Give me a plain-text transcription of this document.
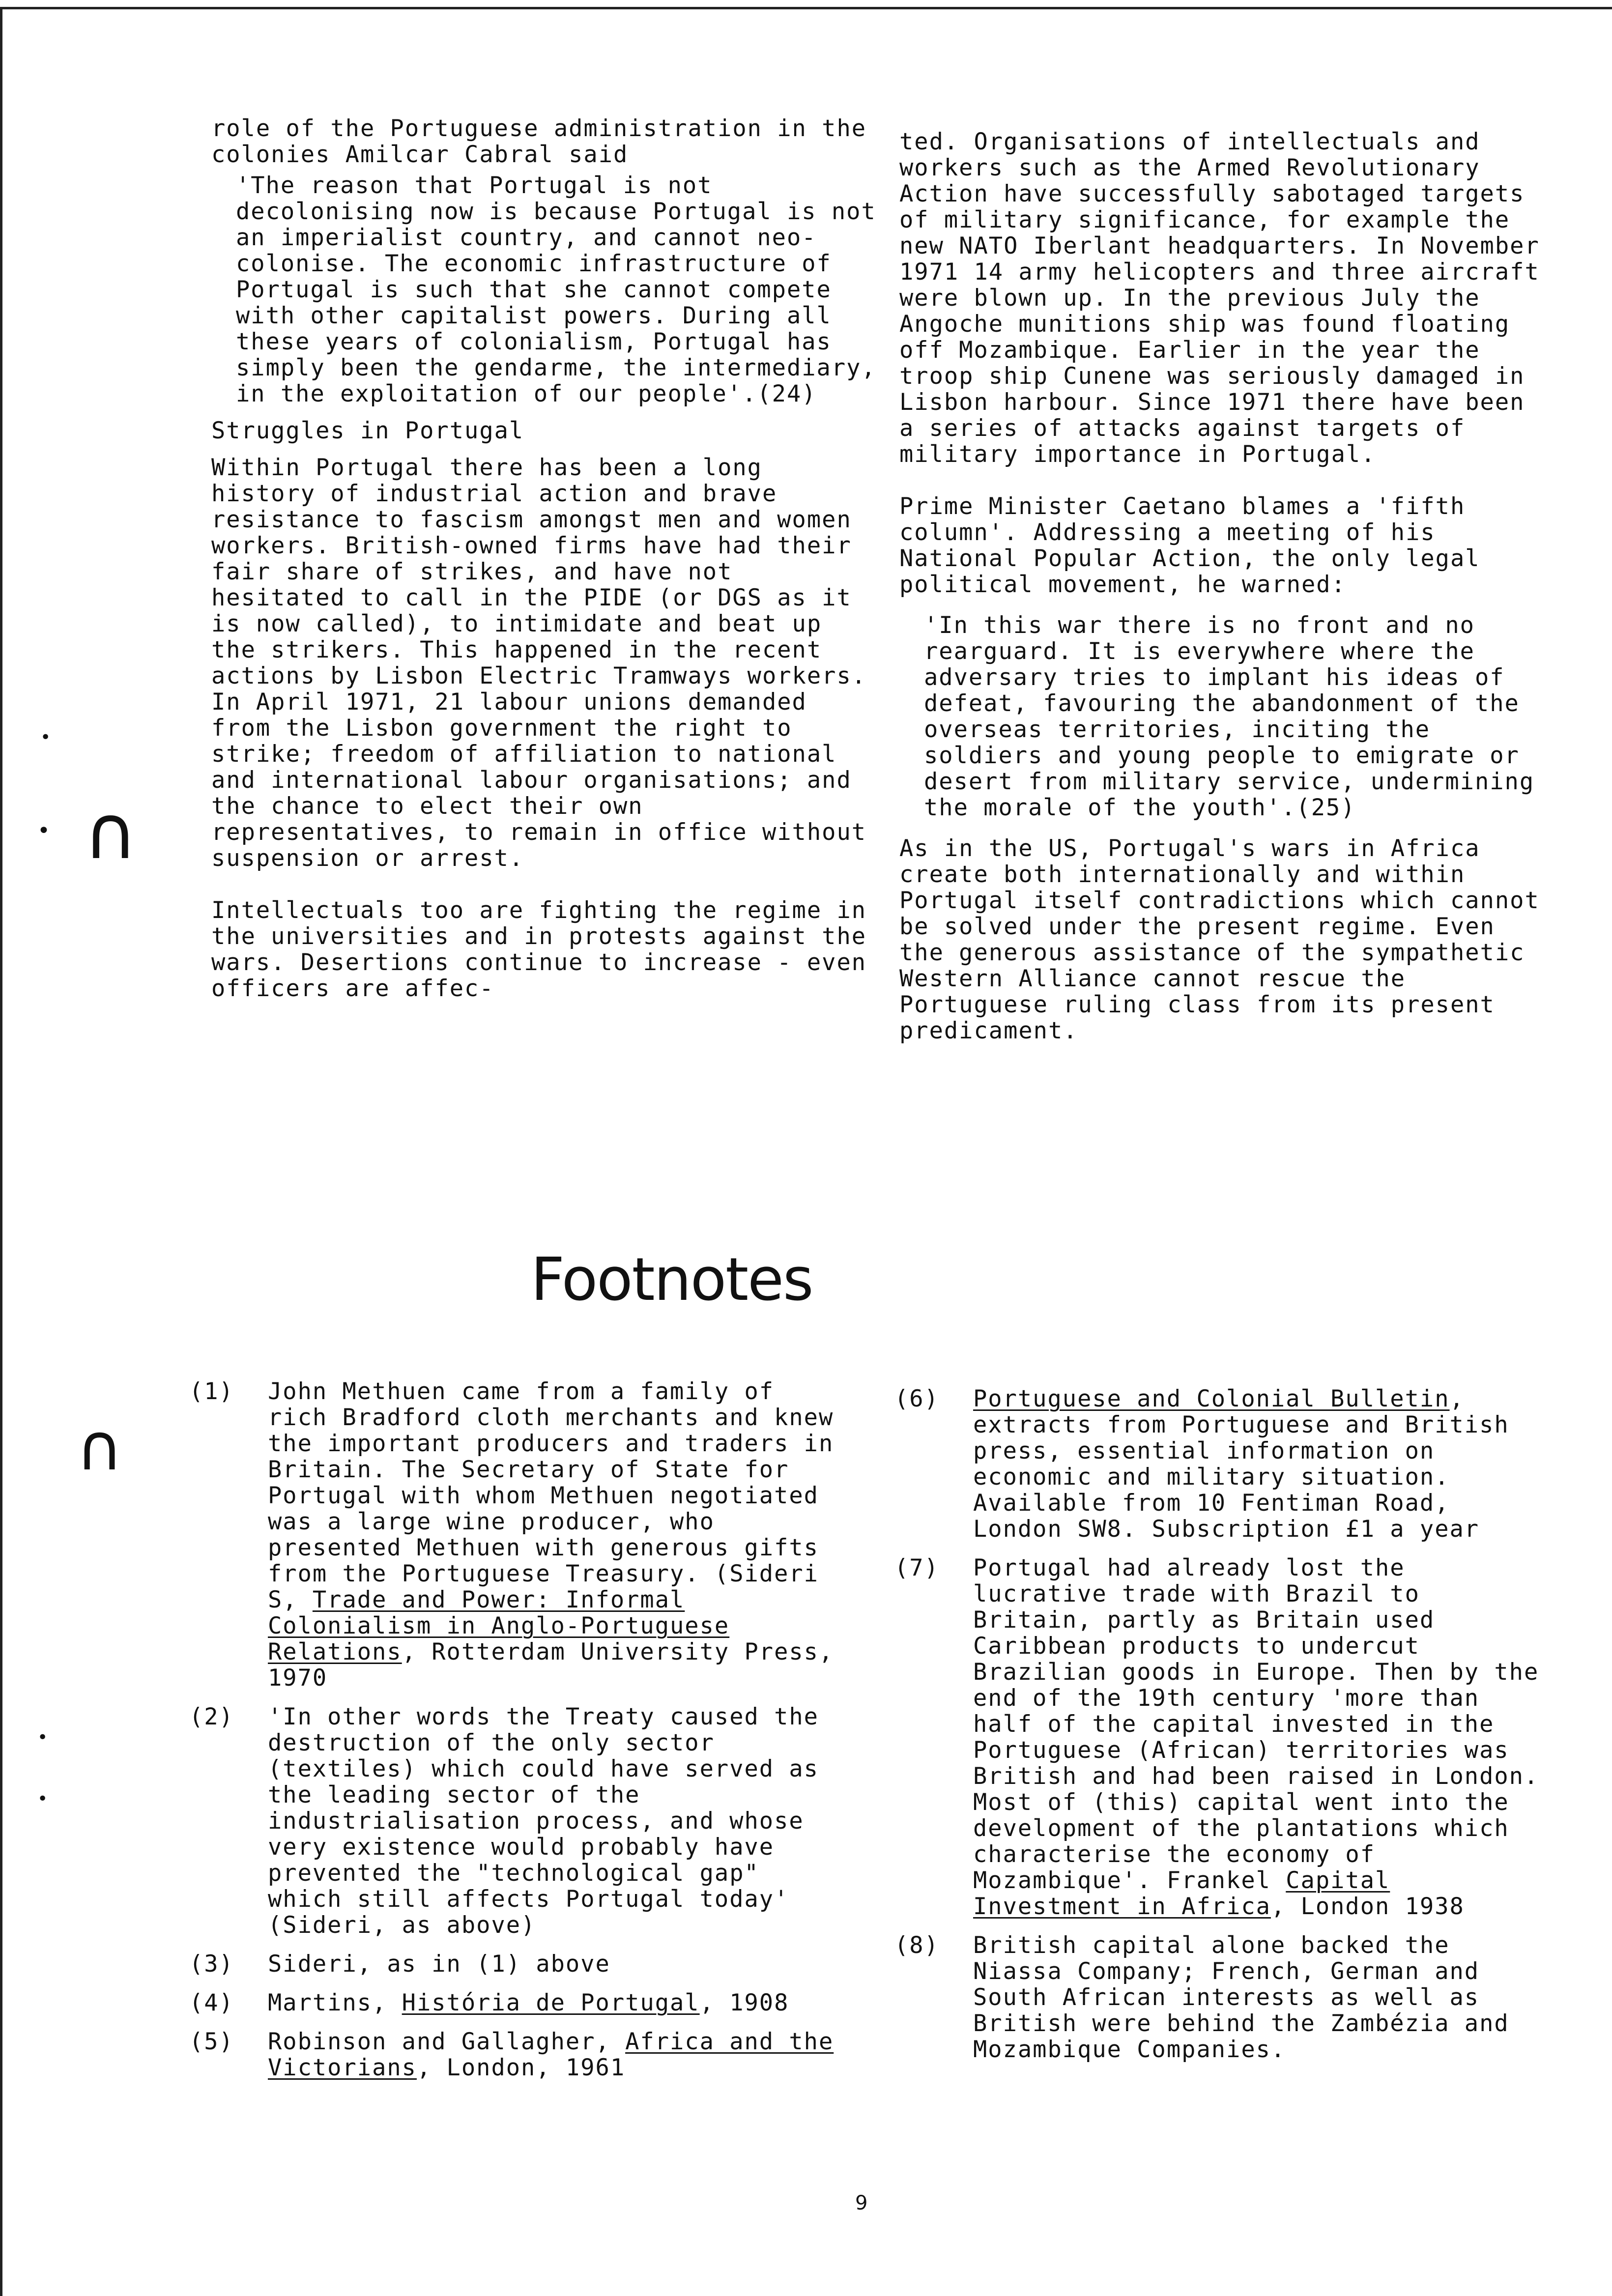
•
• ∩
∩
•
•

role of the Portuguese administration in the colonies Amilcar Cabral said

'The reason that Portugal is not decolonising now is because Portugal is not an imperialist country, and cannot neo-colonise. The economic infrastructure of Portugal is such that she cannot compete with other capitalist powers. During all these years of colonialism, Portugal has simply been the gendarme, the intermediary, in the exploitation of our people'.(24)

Struggles in Portugal

Within Portugal there has been a long history of industrial action and brave resistance to fascism amongst men and women workers. British-owned firms have had their fair share of strikes, and have not hesitated to call in the PIDE (or DGS as it is now called), to intimidate and beat up the strikers. This happened in the recent actions by Lisbon Electric Tramways workers. In April 1971, 21 labour unions demanded from the Lisbon government the right to strike; freedom of affiliation to national and international labour organisations; and the chance to elect their own representatives, to remain in office without suspension or arrest.

Intellectuals too are fighting the regime in the universities and in protests against the wars. Desertions continue to increase - even officers are affec-

ted. Organisations of intellectuals and workers such as the Armed Revolutionary Action have successfully sabotaged targets of military significance, for example the new NATO Iberlant headquarters. In November 1971 14 army helicopters and three aircraft were blown up. In the previous July the Angoche munitions ship was found floating off Mozambique. Earlier in the year the troop ship Cunene was seriously damaged in Lisbon harbour. Since 1971 there have been a series of attacks against targets of military importance in Portugal.

Prime Minister Caetano blames a 'fifth column'. Addressing a meeting of his National Popular Action, the only legal political movement, he warned:

'In this war there is no front and no rearguard. It is everywhere where the adversary tries to implant his ideas of defeat, favouring the abandonment of the overseas territories, inciting the soldiers and young people to emigrate or desert from military service, undermining the morale of the youth'.(25)

As in the US, Portugal's wars in Africa create both internationally and within Portugal itself contradictions which cannot be solved under the present regime. Even the generous assistance of the sympathetic Western Alliance cannot rescue the Portuguese ruling class from its present predicament.

Footnotes
(1) John Methuen came from a family of rich Bradford cloth merchants and knew the important producers and traders in Britain. The Secretary of State for Portugal with whom Methuen negotiated was a large wine producer, who presented Methuen with generous gifts from the Portuguese Treasury. (Sideri S, Trade and Power: Informal Colonialism in Anglo-Portuguese Relations, Rotterdam University Press, 1970
(2) 'In other words the Treaty caused the destruction of the only sector (textiles) which could have served as the leading sector of the industrialisation process, and whose very existence would probably have prevented the "technological gap" which still affects Portugal today' (Sideri, as above)
(3) Sideri, as in (1) above
(4) Martins, História de Portugal, 1908
(5) Robinson and Gallagher, Africa and the Victorians, London, 1961
(6) Portuguese and Colonial Bulletin, extracts from Portuguese and British press, essential information on economic and military situation. Available from 10 Fentiman Road, London SW8. Subscription £1 a year
(7) Portugal had already lost the lucrative trade with Brazil to Britain, partly as Britain used Caribbean products to undercut Brazilian goods in Europe. Then by the end of the 19th century 'more than half of the capital invested in the Portuguese (African) territories was British and had been raised in London. Most of (this) capital went into the development of the plantations which characterise the economy of Mozambique'. Frankel Capital Investment in Africa, London 1938
(8) British capital alone backed the Niassa Company; French, German and South African interests as well as British were behind the Zambézia and Mozambique Companies.
9
